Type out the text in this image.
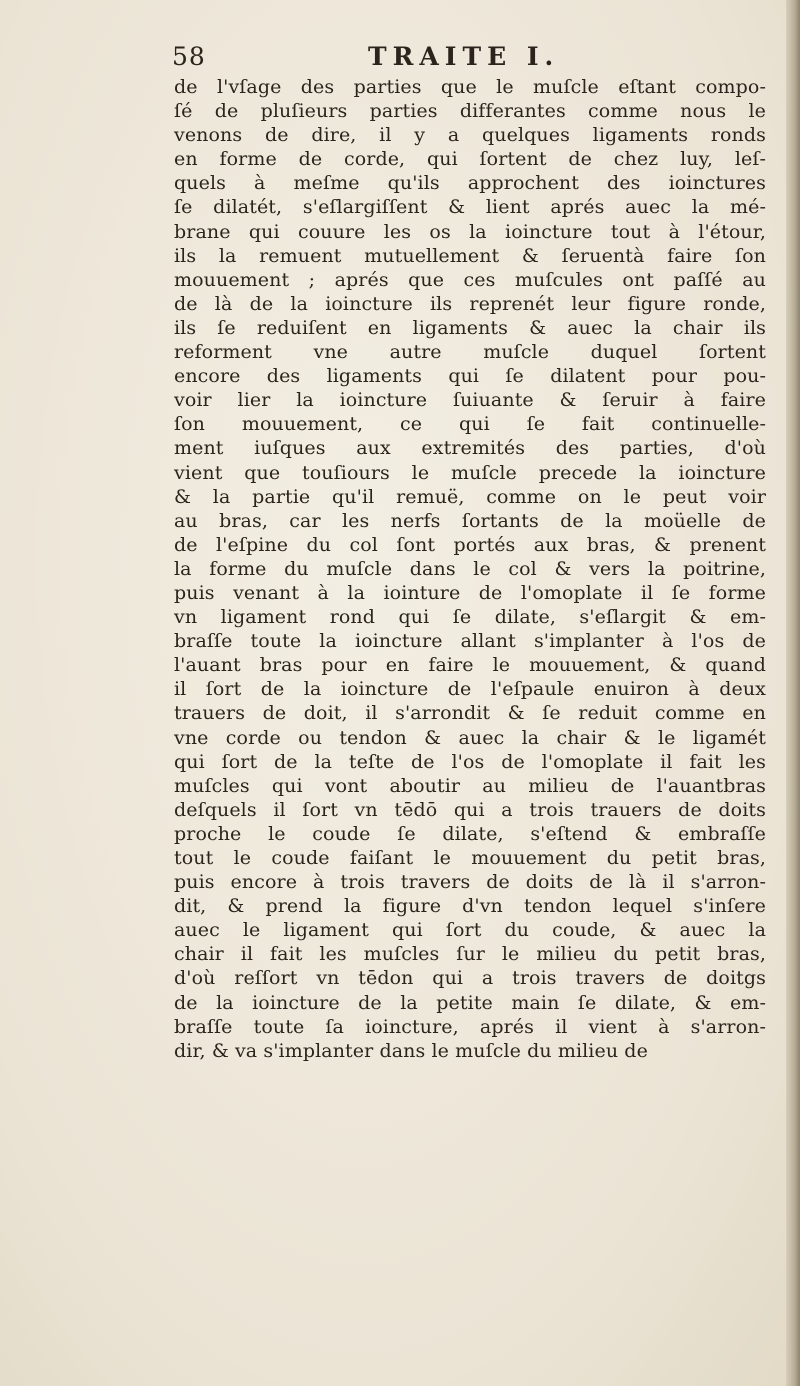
58	TRAITE I.
de l'vſage des parties que le muſcle eſtant compo-
ſé de pluſieurs parties differantes comme nous le
venons de dire, il y a quelques ligaments ronds
en forme de corde, qui ſortent de chez luy, leſ-
quels à meſme qu'ils approchent des ioinctures
ſe dilatét, s'eſlargiſſent & lient aprés auec la mé-
brane qui couure les os la ioincture tout à l'étour,
ils la remuent mutuellement & ſeruentà faire ſon
mouuement ; aprés que ces muſcules ont paſſé au
de là de la ioincture ils reprenét leur figure ronde,
ils ſe reduiſent en ligaments & auec la chair ils
reforment vne autre muſcle duquel ſortent
encore des ligaments qui ſe dilatent pour pou-
voir lier la ioincture ſuiuante & ſeruir à faire
ſon mouuement, ce qui ſe fait continuelle-
ment iuſques aux extremités des parties, d'où
vient que touſiours le muſcle precede la ioincture
& la partie qu'il remuë, comme on le peut voir
au bras, car les nerfs ſortants de la moüelle de
de l'eſpine du col ſont portés aux bras, & prenent
la forme du muſcle dans le col & vers la poitrine,
puis venant à la iointure de l'omoplate il ſe forme
vn ligament rond qui ſe dilate, s'eſlargit & em-
braſſe toute la ioincture allant s'implanter à l'os de
l'auant bras pour en faire le mouuement, & quand
il ſort de la ioincture de l'eſpaule enuiron à deux
trauers de doit, il s'arrondit & ſe reduit comme en
vne corde ou tendon & auec la chair & le ligamét
qui ſort de la teſte de l'os de l'omoplate il fait les
muſcles qui vont aboutir au milieu de l'auantbras
deſquels il ſort vn tēdō qui a trois trauers de doits
proche le coude ſe dilate, s'eſtend & embraſſe
tout le coude faiſant le mouuement du petit bras,
puis encore à trois travers de doits de là il s'arron-
dit, & prend la figure d'vn tendon lequel s'inſere
auec le ligament qui ſort du coude, & auec la
chair il fait les muſcles ſur le milieu du petit bras,
d'où reſſort vn tēdon qui a trois travers de doitgs
de la ioincture de la petite main ſe dilate, & em-
braſſe toute ſa ioincture, aprés il vient à s'arron-
dir, & va s'implanter dans le muſcle du milieu de
